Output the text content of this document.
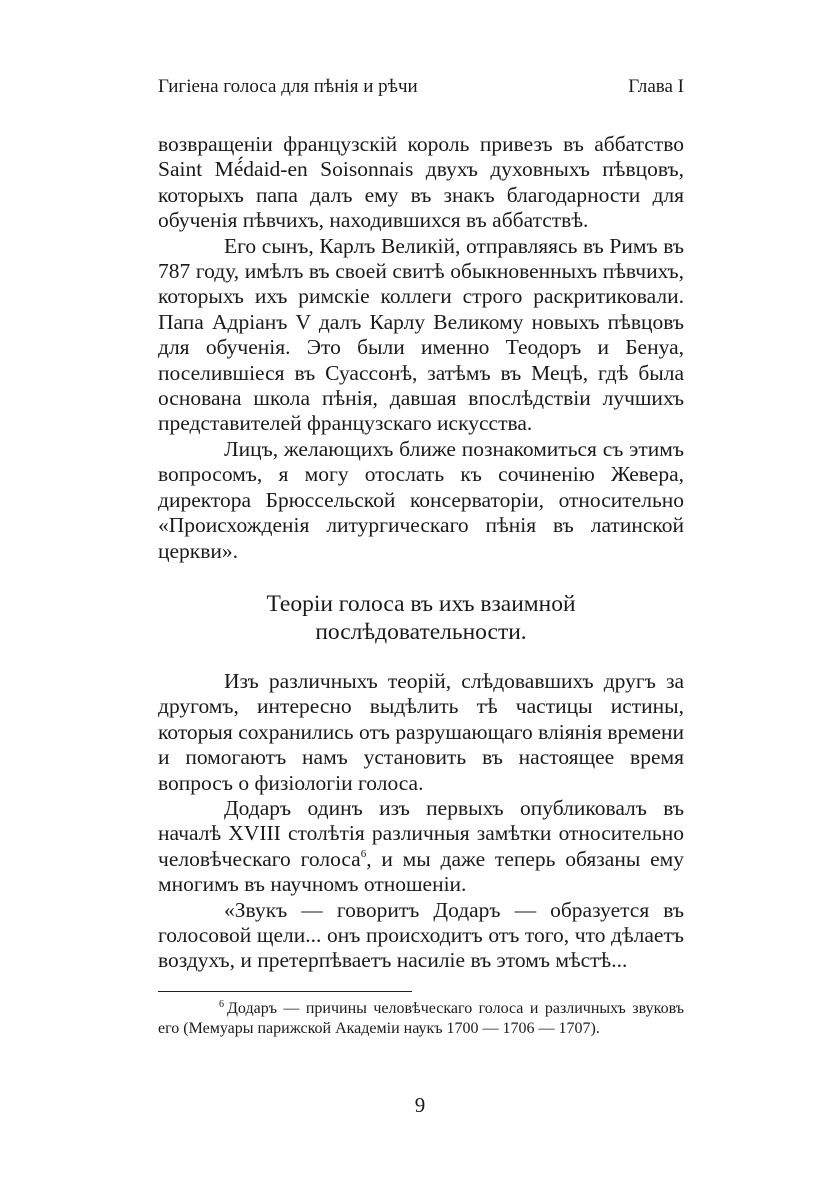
Гигіена голоса для пѣнія и рѣчи	Глава I

возвращеніи французскій король привезъ въ аббатство Saint Mé́daid-en Soisonnais двухъ духовныхъ пѣвцовъ, которыхъ папа далъ ему въ знакъ благодарности для обученія пѣвчихъ, находившихся въ аббатствѣ.

Его сынъ, Карлъ Великій, отправляясь въ Римъ въ 787 году, имѣлъ въ своей свитѣ обыкновенныхъ пѣвчихъ, которыхъ ихъ римскіе коллеги строго раскритиковали. Папа Адріанъ V далъ Карлу Великому новыхъ пѣвцовъ для обученія. Это были именно Теодоръ и Бенуа, поселившіеся въ Суассонѣ, затѣмъ въ Мецѣ, гдѣ была основана школа пѣнія, давшая впослѣдствіи лучшихъ представителей французскаго искусства.

Лицъ, желающихъ ближе познакомиться съ этимъ вопросомъ, я могу отослать къ сочиненію Жевера, директора Брюссельской консерваторіи, относительно «Происхожденія литургическаго пѣнія въ латинской церкви».

Теоріи голоса въ ихъ взаимной
послѣдовательности.

Изъ различныхъ теорій, слѣдовавшихъ другъ за другомъ, интересно выдѣлить тѣ частицы истины, которыя сохранились отъ разрушающаго вліянія времени и помогаютъ намъ установить въ настоящее время вопросъ о физіологіи голоса.

Додаръ одинъ изъ первыхъ опубликовалъ въ началѣ XVIII столѣтія различныя замѣтки относительно человѣческаго голоса$^6$, и мы даже теперь обязаны ему многимъ въ научномъ отношеніи.

«Звукъ — говоритъ Додаръ — образуется въ голосовой щели... онъ происходитъ отъ того, что дѣлаетъ воздухъ, и претерпѣваетъ насиліе въ этомъ мѣстѣ...

6 Додаръ — причины человѣческаго голоса и различныхъ звуковъ его (Мемуары парижской Академіи наукъ 1700 — 1706 — 1707).
9
